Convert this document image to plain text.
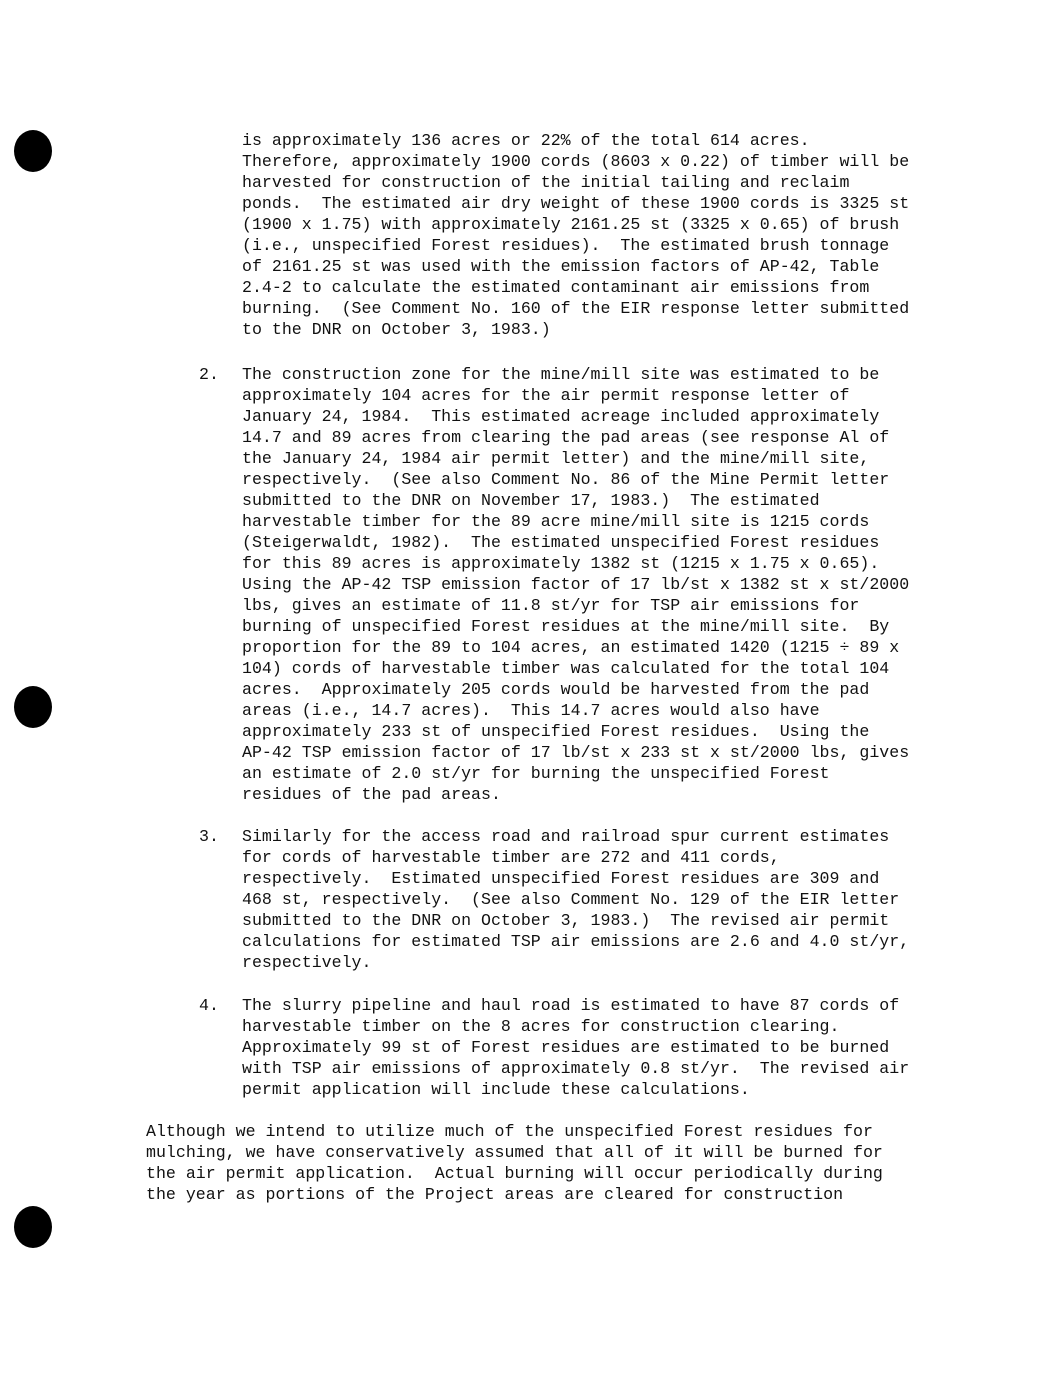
is approximately 136 acres or 22% of the total 614 acres.
Therefore, approximately 1900 cords (8603 x 0.22) of timber will be
harvested for construction of the initial tailing and reclaim
ponds.  The estimated air dry weight of these 1900 cords is 3325 st
(1900 x 1.75) with approximately 2161.25 st (3325 x 0.65) of brush
(i.e., unspecified Forest residues).  The estimated brush tonnage
of 2161.25 st was used with the emission factors of AP-42, Table
2.4-2 to calculate the estimated contaminant air emissions from
burning.  (See Comment No. 160 of the EIR response letter submitted
to the DNR on October 3, 1983.)
2. The construction zone for the mine/mill site was estimated to be
approximately 104 acres for the air permit response letter of
January 24, 1984.  This estimated acreage included approximately
14.7 and 89 acres from clearing the pad areas (see response Al of
the January 24, 1984 air permit letter) and the mine/mill site,
respectively.  (See also Comment No. 86 of the Mine Permit letter
submitted to the DNR on November 17, 1983.)  The estimated
harvestable timber for the 89 acre mine/mill site is 1215 cords
(Steigerwaldt, 1982).  The estimated unspecified Forest residues
for this 89 acres is approximately 1382 st (1215 x 1.75 x 0.65).
Using the AP-42 TSP emission factor of 17 lb/st x 1382 st x st/2000
lbs, gives an estimate of 11.8 st/yr for TSP air emissions for
burning of unspecified Forest residues at the mine/mill site.  By
proportion for the 89 to 104 acres, an estimated 1420 (1215 ÷ 89 x
104) cords of harvestable timber was calculated for the total 104
acres.  Approximately 205 cords would be harvested from the pad
areas (i.e., 14.7 acres).  This 14.7 acres would also have
approximately 233 st of unspecified Forest residues.  Using the
AP-42 TSP emission factor of 17 lb/st x 233 st x st/2000 lbs, gives
an estimate of 2.0 st/yr for burning the unspecified Forest
residues of the pad areas.
3. Similarly for the access road and railroad spur current estimates
for cords of harvestable timber are 272 and 411 cords,
respectively.  Estimated unspecified Forest residues are 309 and
468 st, respectively.  (See also Comment No. 129 of the EIR letter
submitted to the DNR on October 3, 1983.)  The revised air permit
calculations for estimated TSP air emissions are 2.6 and 4.0 st/yr,
respectively.
4. The slurry pipeline and haul road is estimated to have 87 cords of
harvestable timber on the 8 acres for construction clearing.
Approximately 99 st of Forest residues are estimated to be burned
with TSP air emissions of approximately 0.8 st/yr.  The revised air
permit application will include these calculations.
Although we intend to utilize much of the unspecified Forest residues for
mulching, we have conservatively assumed that all of it will be burned for
the air permit application.  Actual burning will occur periodically during
the year as portions of the Project areas are cleared for construction
